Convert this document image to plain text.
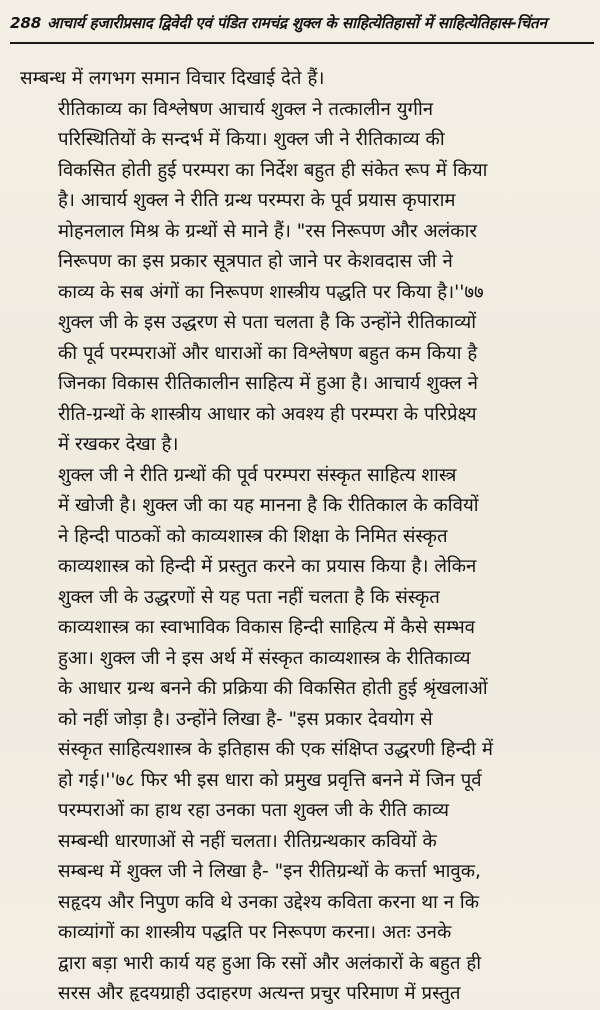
288 आचार्य हजारीप्रसाद द्विवेदी एवं पंडित रामचंद्र शुक्ल के साहित्येतिहासों में साहित्येतिहास-चिंतन

सम्बन्ध में लगभग समान विचार दिखाई देते हैं।

रीतिकाव्य का विश्लेषण आचार्य शुक्ल ने तत्कालीन युगीन
परिस्थितियों के सन्दर्भ में किया। शुक्ल जी ने रीतिकाव्य की
विकसित होती हुई परम्परा का निर्देश बहुत ही संकेत रूप में किया
है। आचार्य शुक्ल ने रीति ग्रन्थ परम्परा के पूर्व प्रयास कृपाराम
मोहनलाल मिश्र के ग्रन्थों से माने हैं। "रस निरूपण और अलंकार
निरूपण का इस प्रकार सूत्रपात हो जाने पर केशवदास जी ने
काव्य के सब अंगों का निरूपण शास्त्रीय पद्धति पर किया है।''७७
शुक्ल जी के इस उद्धरण से पता चलता है कि उन्होंने रीतिकाव्यों
की पूर्व परम्पराओं और धाराओं का विश्लेषण बहुत कम किया है
जिनका विकास रीतिकालीन साहित्य में हुआ है। आचार्य शुक्ल ने
रीति-ग्रन्थों के शास्त्रीय आधार को अवश्य ही परम्परा के परिप्रेक्ष्य
में रखकर देखा है।

शुक्ल जी ने रीति ग्रन्थों की पूर्व परम्परा संस्कृत साहित्य शास्त्र
में खोजी है। शुक्ल जी का यह मानना है कि रीतिकाल के कवियों
ने हिन्दी पाठकों को काव्यशास्त्र की शिक्षा के निमित संस्कृत
काव्यशास्त्र को हिन्दी में प्रस्तुत करने का प्रयास किया है। लेकिन
शुक्ल जी के उद्धरणों से यह पता नहीं चलता है कि संस्कृत
काव्यशास्त्र का स्वाभाविक विकास हिन्दी साहित्य में कैसे सम्भव
हुआ। शुक्ल जी ने इस अर्थ में संस्कृत काव्यशास्त्र के रीतिकाव्य
के आधार ग्रन्थ बनने की प्रक्रिया की विकसित होती हुई श्रृंखलाओं
को नहीं जोड़ा है। उन्होंने लिखा है- "इस प्रकार देवयोग से
संस्कृत साहित्यशास्त्र के इतिहास की एक संक्षिप्त उद्धरणी हिन्दी में
हो गई।''७८ फिर भी इस धारा को प्रमुख प्रवृत्ति बनने में जिन पूर्व
परम्पराओं का हाथ रहा उनका पता शुक्ल जी के रीति काव्य
सम्बन्धी धारणाओं से नहीं चलता। रीतिग्रन्थकार कवियों के
सम्बन्ध में शुक्ल जी ने लिखा है- "इन रीतिग्रन्थों के कर्त्ता भावुक,
सहृदय और निपुण कवि थे उनका उद्देश्य कविता करना था न कि
काव्यांगों का शास्त्रीय पद्धति पर निरूपण करना। अतः उनके
द्वारा बड़ा भारी कार्य यह हुआ कि रसों और अलंकारों के बहुत ही
सरस और हृदयग्राही उदाहरण अत्यन्त प्रचुर परिमाण में प्रस्तुत
